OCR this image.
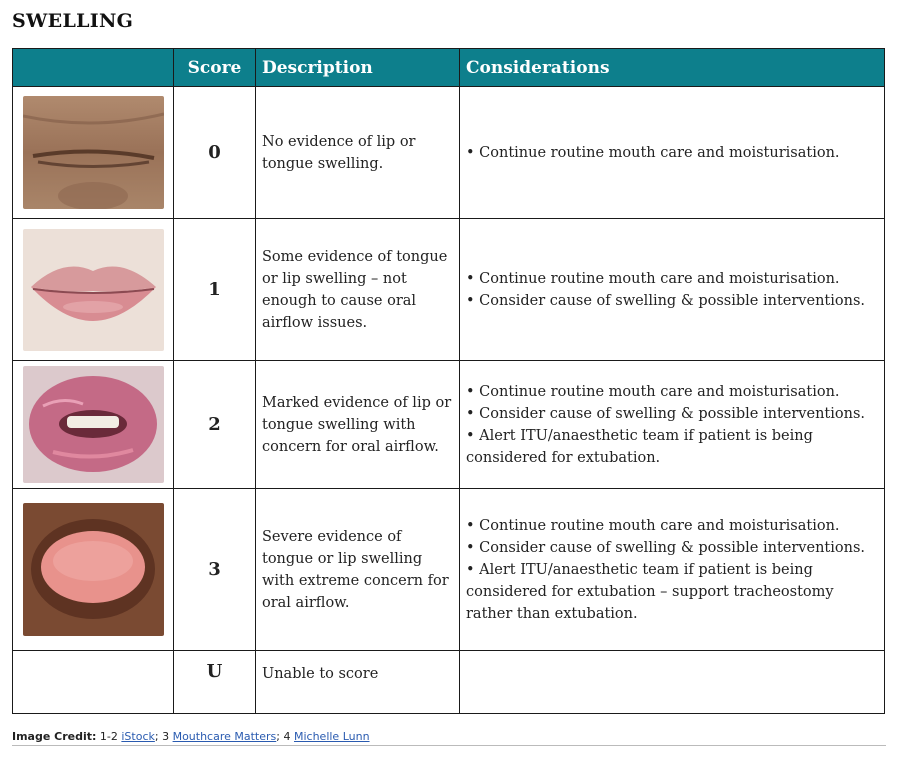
SWELLING
	Score	Description	Considerations

	0	No evidence of lip or tongue swelling.	• Continue routine mouth care and moisturisation.

	1	Some evidence of tongue or lip swelling – not enough to cause oral airflow issues.	• Continue routine mouth care and moisturisation.
• Consider cause of swelling & possible interventions.

	2	Marked evidence of lip or tongue swelling with concern for oral airflow.	• Continue routine mouth care and moisturisation.
• Consider cause of swelling & possible interventions.
• Alert ITU/anaesthetic team if patient is being considered for extubation.

	3	Severe evidence of tongue or lip swelling with extreme concern for oral airflow.	• Continue routine mouth care and moisturisation.
• Consider cause of swelling & possible interventions.
• Alert ITU/anaesthetic team if patient is being considered for extubation – support tracheostomy rather than extubation.

	U	Unable to score	
Image Credit: 1-2 iStock; 3 Mouthcare Matters; 4 Michelle Lunn
